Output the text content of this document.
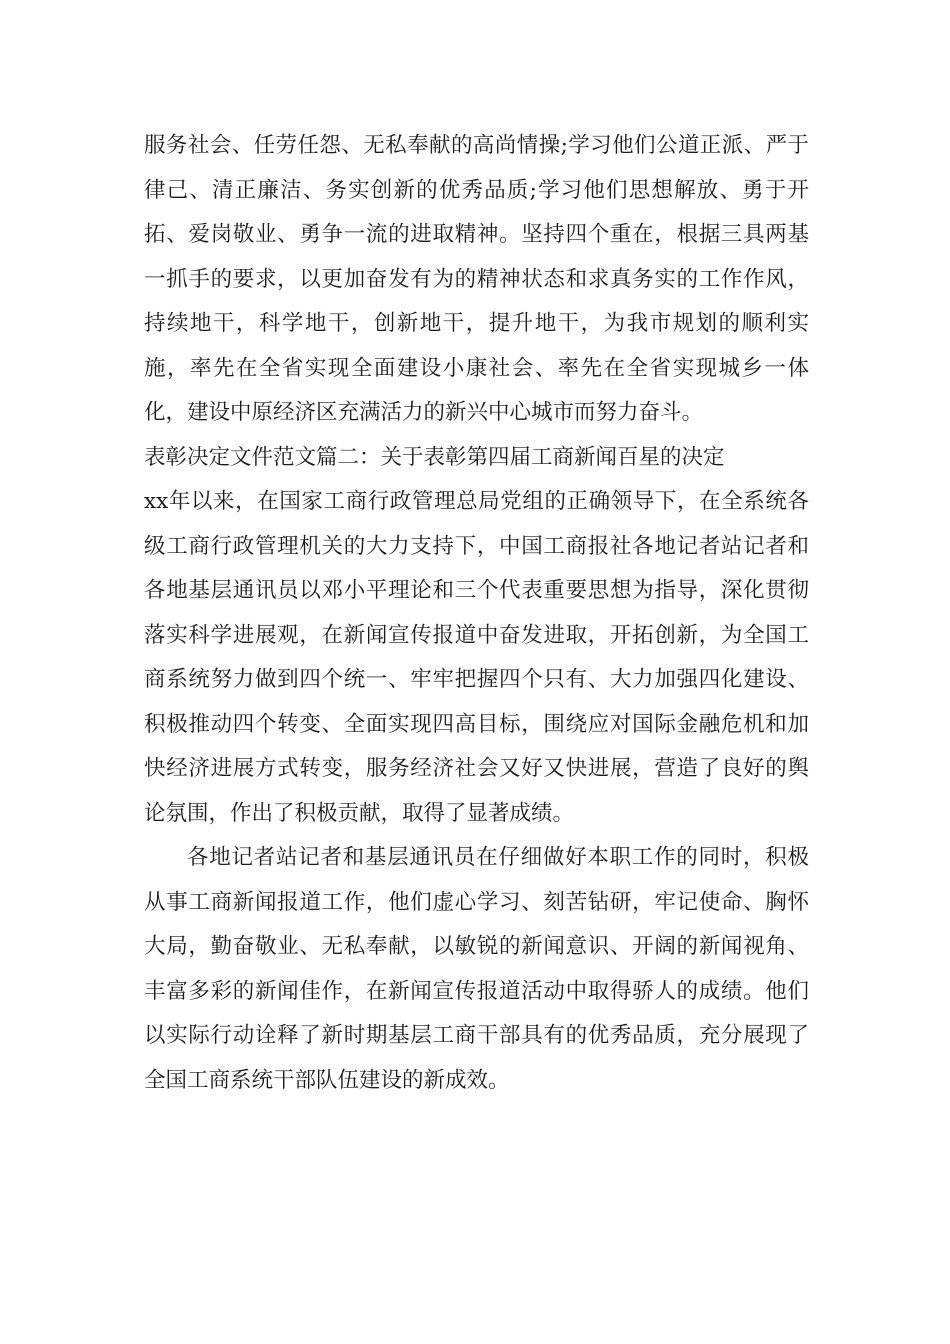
服务社会、任劳任怨、无私奉献的高尚情操;学习他们公道正派、严于律己、清正廉洁、务实创新的优秀品质;学习他们思想解放、勇于开拓、爱岗敬业、勇争一流的进取精神。坚持四个重在，根据三具两基一抓手的要求，以更加奋发有为的精神状态和求真务实的工作作风，持续地干，科学地干，创新地干，提升地干，为我市规划的顺利实施，率先在全省实现全面建设小康社会、率先在全省实现城乡一体化，建设中原经济区充满活力的新兴中心城市而努力奋斗。

表彰决定文件范文篇二：关于表彰第四届工商新闻百星的决定

xx年以来，在国家工商行政管理总局党组的正确领导下，在全系统各级工商行政管理机关的大力支持下，中国工商报社各地记者站记者和各地基层通讯员以邓小平理论和三个代表重要思想为指导，深化贯彻落实科学进展观，在新闻宣传报道中奋发进取，开拓创新，为全国工商系统努力做到四个统一、牢牢把握四个只有、大力加强四化建设、积极推动四个转变、全面实现四高目标，围绕应对国际金融危机和加快经济进展方式转变，服务经济社会又好又快进展，营造了良好的舆论氛围，作出了积极贡献，取得了显著成绩。

各地记者站记者和基层通讯员在仔细做好本职工作的同时，积极从事工商新闻报道工作，他们虚心学习、刻苦钻研，牢记使命、胸怀大局，勤奋敬业、无私奉献，以敏锐的新闻意识、开阔的新闻视角、丰富多彩的新闻佳作，在新闻宣传报道活动中取得骄人的成绩。他们以实际行动诠释了新时期基层工商干部具有的优秀品质，充分展现了全国工商系统干部队伍建设的新成效。
